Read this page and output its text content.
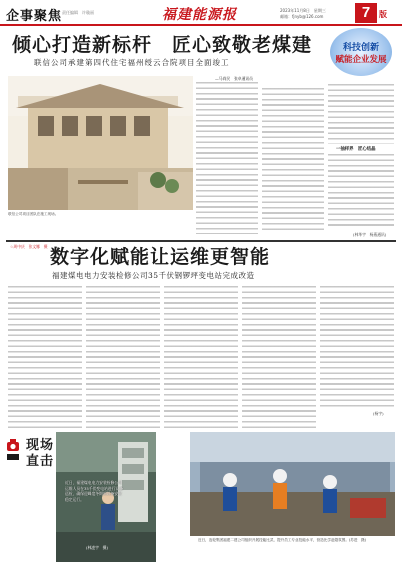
企事聚焦 责任编辑　许璇丽	福建能源报	2023年11月8日　星期三
邮箱：fjnyb@126.com	7	版
倾心打造新标杆　匠心致敬老煤建
联信公司承建第四代住宅福州绶云合院项目全面竣工
科技创新
赋能企业发展
联信公司项目团队在施工现场。
☆周中庆　张文娜　摄
一抽样界　匠心结晶
—马尚民　张卓通讯员
(林华宇　杨燕通讯)
数字化赋能让运维更智能
福建煤电电力安装检修公司35千伏钢锣坪变电站完成改造
(杨宇)
现场
直击
近日，福建煤电电力安装检修公司运维人员在35千伏变电站进行设备巡检，确保迎峰度冬期间设备安全稳定运行。
(林凌宇　摄)
近日，连轮集团福建二建公司组织开展技能比武，提升员工专业技能水平，营造比学赶超氛围。(苏进　摄)
